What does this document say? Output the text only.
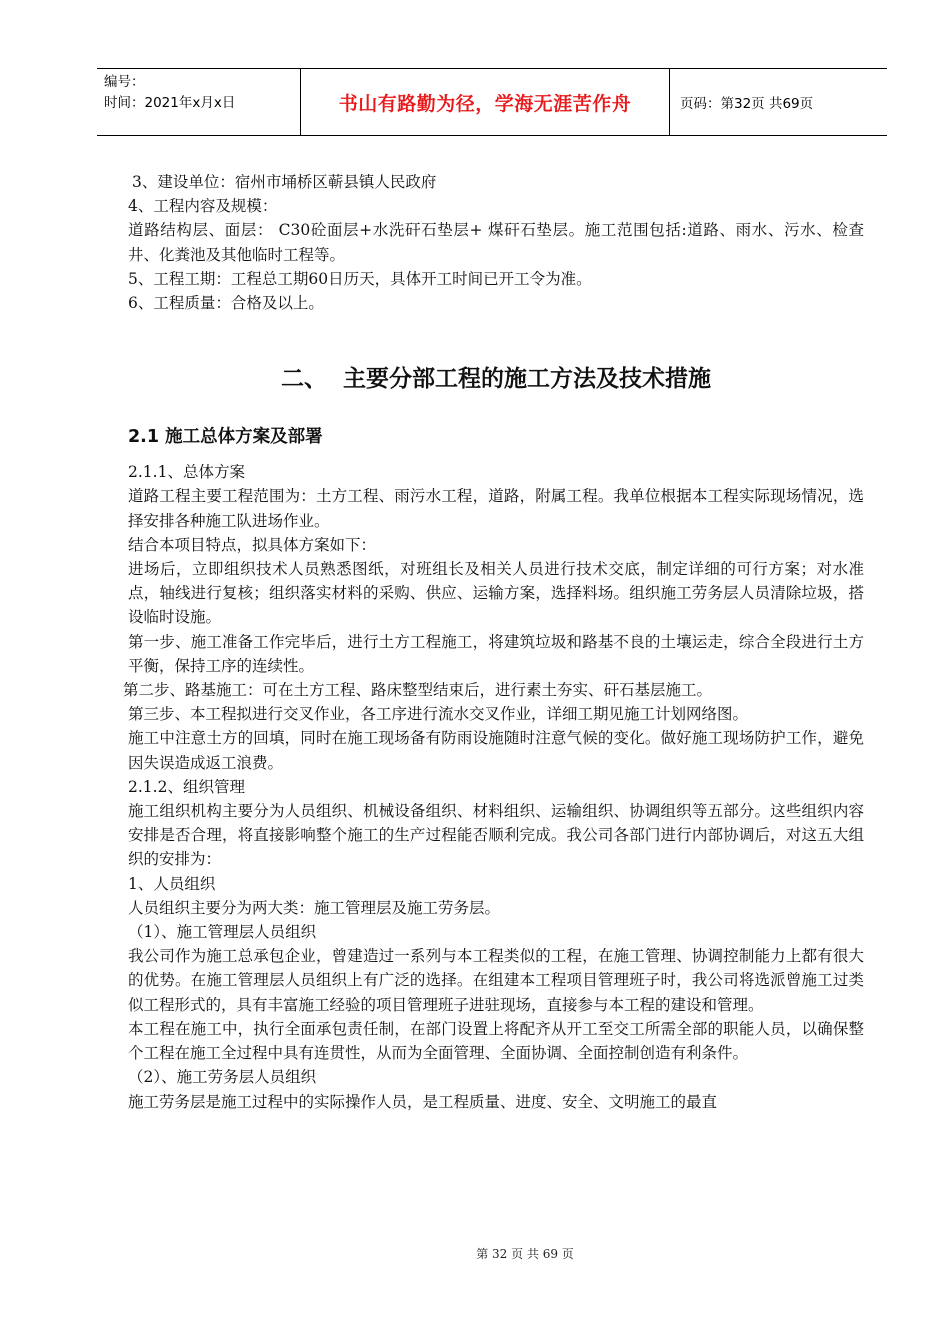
编号：
时间：2021年x月x日	书山有路勤为径，学海无涯苦作舟	页码：第32页 共69页

3、建设单位：宿州市埇桥区蕲县镇人民政府

4、工程内容及规模：

道路结构层、面层： C30砼面层+水洗矸石垫层+ 煤矸石垫层。施工范围包括:道路、雨水、污水、检查井、化粪池及其他临时工程等。

5、工程工期：工程总工期60日历天，具体开工时间已开工令为准。

6、工程质量：合格及以上。

二、  主要分部工程的施工方法及技术措施
2.1 施工总体方案及部署

2.1.1、总体方案

道路工程主要工程范围为：土方工程、雨污水工程，道路，附属工程。我单位根据本工程实际现场情况，选择安排各种施工队进场作业。

结合本项目特点，拟具体方案如下：

进场后，立即组织技术人员熟悉图纸，对班组长及相关人员进行技术交底，制定详细的可行方案；对水准点，轴线进行复核；组织落实材料的采购、供应、运输方案，选择料场。组织施工劳务层人员清除垃圾，搭设临时设施。

第一步、施工准备工作完毕后，进行土方工程施工，将建筑垃圾和路基不良的土壤运走，综合全段进行土方平衡，保持工序的连续性。

第二步、路基施工：可在土方工程、路床整型结束后，进行素土夯实、矸石基层施工。

第三步、本工程拟进行交叉作业，各工序进行流水交叉作业，详细工期见施工计划网络图。

施工中注意土方的回填，同时在施工现场备有防雨设施随时注意气候的变化。做好施工现场防护工作，避免因失误造成返工浪费。

2.1.2、组织管理

施工组织机构主要分为人员组织、机械设备组织、材料组织、运输组织、协调组织等五部分。这些组织内容安排是否合理，将直接影响整个施工的生产过程能否顺利完成。我公司各部门进行内部协调后，对这五大组织的安排为：

1、人员组织

人员组织主要分为两大类：施工管理层及施工劳务层。

（1）、施工管理层人员组织

我公司作为施工总承包企业，曾建造过一系列与本工程类似的工程，在施工管理、协调控制能力上都有很大的优势。在施工管理层人员组织上有广泛的选择。在组建本工程项目管理班子时，我公司将选派曾施工过类似工程形式的，具有丰富施工经验的项目管理班子进驻现场，直接参与本工程的建设和管理。

本工程在施工中，执行全面承包责任制，在部门设置上将配齐从开工至交工所需全部的职能人员，以确保整个工程在施工全过程中具有连贯性，从而为全面管理、全面协调、全面控制创造有利条件。

（2）、施工劳务层人员组织

施工劳务层是施工过程中的实际操作人员，是工程质量、进度、安全、文明施工的最直

第 32 页 共 69 页
